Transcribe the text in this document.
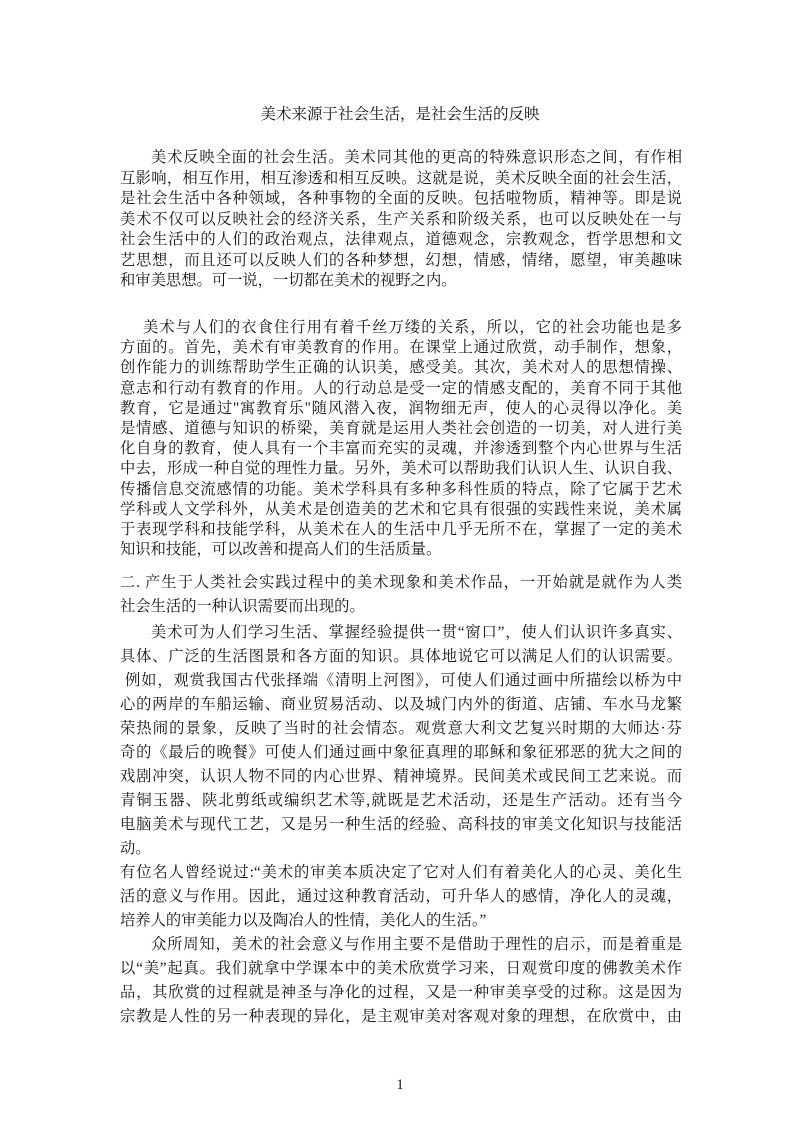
美术来源于社会生活，是社会生活的反映
美术反映全面的社会生活。美术同其他的更高的特殊意识形态之间，有作相
互影响，相互作用，相互渗透和相互反映。这就是说，美术反映全面的社会生活，
是社会生活中各种领域，各种事物的全面的反映。包括啦物质，精神等。即是说
美术不仅可以反映社会的经济关系，生产关系和阶级关系，也可以反映处在一与
社会生活中的人们的政治观点，法律观点，道德观念，宗教观念，哲学思想和文
艺思想，而且还可以反映人们的各种梦想，幻想，情感，情绪，愿望，审美趣味
和审美思想。可一说，一切都在美术的视野之内。
美术与人们的衣食住行用有着千丝万缕的关系，所以，它的社会功能也是多
方面的。首先，美术有审美教育的作用。在课堂上通过欣赏，动手制作，想象，
创作能力的训练帮助学生正确的认识美，感受美。其次，美术对人的思想情操、
意志和行动有教育的作用。人的行动总是受一定的情感支配的，美育不同于其他
教育，它是通过"寓教育乐"随风潜入夜，润物细无声，使人的心灵得以净化。美
是情感、道德与知识的桥梁，美育就是运用人类社会创造的一切美，对人进行美
化自身的教育，使人具有一个丰富而充实的灵魂，并渗透到整个内心世界与生活
中去，形成一种自觉的理性力量。另外，美术可以帮助我们认识人生、认识自我、
传播信息交流感情的功能。美术学科具有多种多科性质的特点，除了它属于艺术
学科或人文学科外，从美术是创造美的艺术和它具有很强的实践性来说，美术属
于表现学科和技能学科，从美术在人的生活中几乎无所不在，掌握了一定的美术
知识和技能，可以改善和提高人们的生活质量。
二. 产生于人类社会实践过程中的美术现象和美术作品，一开始就是就作为人类
社会生活的一种认识需要而出现的。
美术可为人们学习生活、掌握经验提供一贯“窗口”，使人们认识许多真实、
具体、广泛的生活图景和各方面的知识。具体地说它可以满足人们的认识需要。
例如，观赏我国古代张择端《清明上河图》，可使人们通过画中所描绘以桥为中
心的两岸的车船运输、商业贸易活动、以及城门内外的街道、店铺、车水马龙繁
荣热闹的景象，反映了当时的社会情态。观赏意大利文艺复兴时期的大师达·芬
奇的《最后的晚餐》可使人们通过画中象征真理的耶稣和象征邪恶的犹大之间的
戏剧冲突，认识人物不同的内心世界、精神境界。民间美术或民间工艺来说。而
青铜玉器、陕北剪纸或编织艺术等,就既是艺术活动，还是生产活动。还有当今
电脑美术与现代工艺，又是另一种生活的经验、高科技的审美文化知识与技能活
动。
有位名人曾经说过:“美术的审美本质决定了它对人们有着美化人的心灵、美化生
活的意义与作用。因此，通过这种教育活动，可升华人的感情，净化人的灵魂，
培养人的审美能力以及陶冶人的性情，美化人的生活。”
众所周知，美术的社会意义与作用主要不是借助于理性的启示，而是着重是
以“美”起真。我们就拿中学课本中的美术欣赏学习来，日观赏印度的佛教美术作
品，其欣赏的过程就是神圣与净化的过程，又是一种审美享受的过称。这是因为
宗教是人性的另一种表现的异化，是主观审美对客观对象的理想，在欣赏中，由
1
